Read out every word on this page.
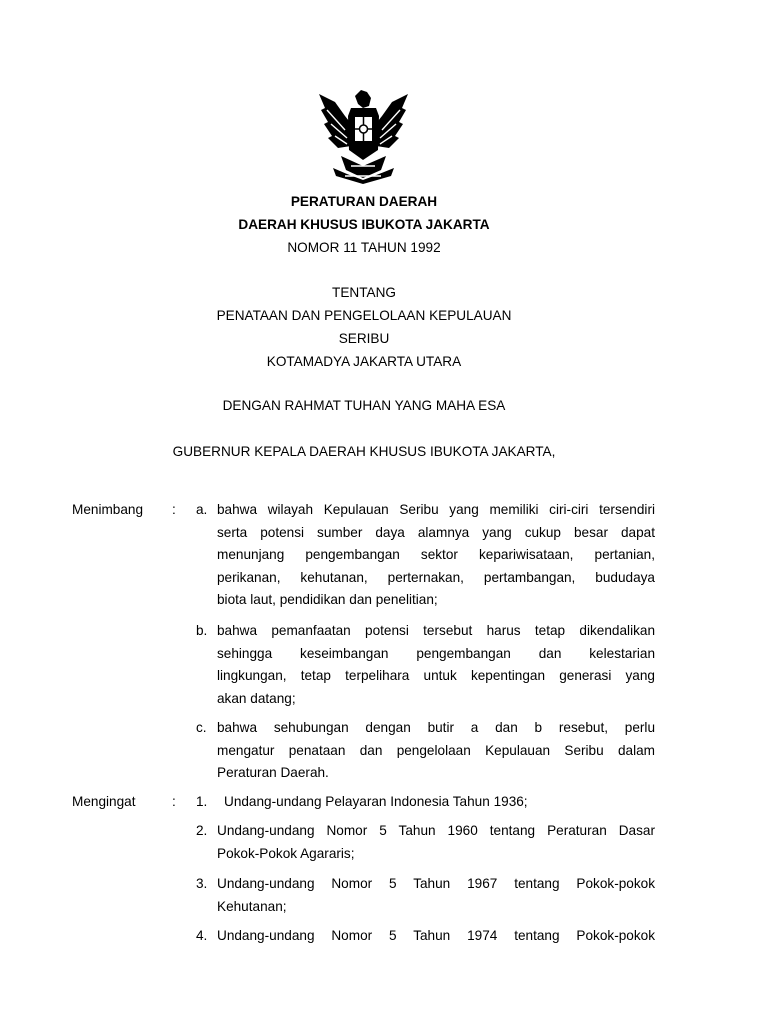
PERATURAN DAERAH
DAERAH KHUSUS IBUKOTA JAKARTA
NOMOR 11 TAHUN 1992
TENTANG
PENATAAN DAN PENGELOLAAN KEPULAUAN
SERIBU
KOTAMADYA JAKARTA UTARA
DENGAN RAHMAT TUHAN YANG MAHA ESA
GUBERNUR KEPALA DAERAH KHUSUS IBUKOTA JAKARTA,
Menimbang : a. bahwa wilayah Kepulauan Seribu yang memiliki ciri-ciri tersendiri
serta potensi sumber daya alamnya yang cukup besar dapat
menunjang pengembangan sektor kepariwisataan, pertanian,
perikanan, kehutanan, perternakan, pertambangan, bududaya
biota laut, pendidikan dan penelitian;
b. bahwa pemanfaatan potensi tersebut harus tetap dikendalikan
sehingga keseimbangan pengembangan dan kelestarian
lingkungan, tetap terpelihara untuk kepentingan generasi yang
akan datang;
c. bahwa sehubungan dengan butir a dan b resebut, perlu
mengatur penataan dan pengelolaan Kepulauan Seribu dalam
Peraturan Daerah.
Mengingat	: 1. Undang-undang Pelayaran Indonesia Tahun 1936;
2. Undang-undang Nomor 5 Tahun 1960 tentang Peraturan Dasar
Pokok-Pokok Agararis;
3. Undang-undang Nomor 5 Tahun 1967 tentang Pokok-pokok
Kehutanan;
4. Undang-undang Nomor 5 Tahun 1974 tentang Pokok-pokok
